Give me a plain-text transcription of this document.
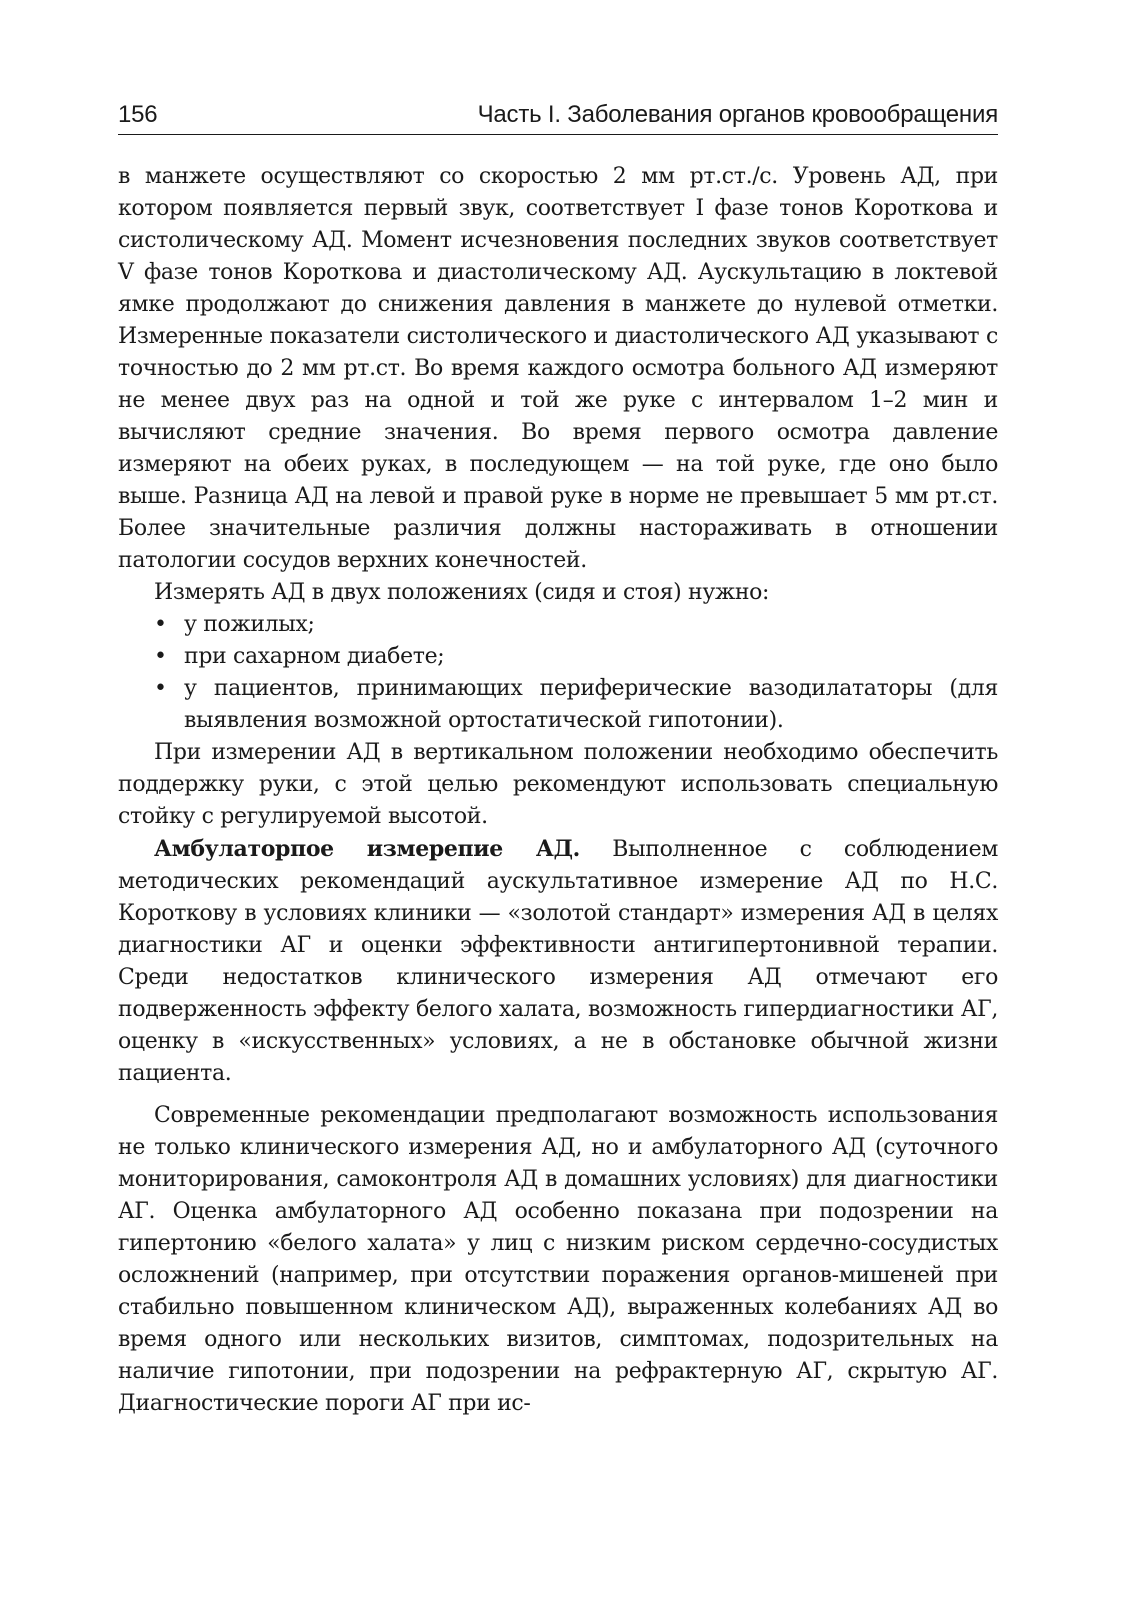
156	Часть I. Заболевания органов кровообращения

в манжете осуществляют со скоростью 2 мм рт.ст./с. Уровень АД, при котором появляется первый звук, соответствует I фазе тонов Короткова и систолическому АД. Момент исчезновения последних звуков соответствует V фазе тонов Короткова и диастолическому АД. Аускультацию в локтевой ямке продолжают до снижения давления в манжете до нулевой отметки. Измеренные показатели систолического и диастолического АД указывают с точностью до 2 мм рт.ст. Во время каждого осмотра больного АД измеряют не менее двух раз на одной и той же руке с интервалом 1–2 мин и вычисляют средние значения. Во время первого осмотра давление измеряют на обеих руках, в последующем — на той руке, где оно было выше. Разница АД на левой и правой руке в норме не превышает 5 мм рт.ст. Более значительные различия должны настораживать в отношении патологии сосудов верхних конечностей.

Измерять АД в двух положениях (сидя и стоя) нужно:

• у пожилых;
• при сахарном диабете;
• у пациентов, принимающих периферические вазодилататоры (для выявления возможной ортостатической гипотонии).

При измерении АД в вертикальном положении необходимо обеспечить поддержку руки, с этой целью рекомендуют использовать специальную стойку с регулируемой высотой.

Амбулаторпое измерепие АД. Выполненное с соблюдением методических рекомендаций аускультативное измерение АД по Н.С. Короткову в условиях клиники — «золотой стандарт» измерения АД в целях диагностики АГ и оценки эффективности антигипертонивной терапии. Среди недостатков клинического измерения АД отмечают его подверженность эффекту белого халата, возможность гипердиагностики АГ, оценку в «искусственных» условиях, а не в обстановке обычной жизни пациента.

Современные рекомендации предполагают возможность использования не только клинического измерения АД, но и амбулаторного АД (суточного мониторирования, самоконтроля АД в домашних условиях) для диагностики АГ. Оценка амбулаторного АД особенно показана при подозрении на гипертонию «белого халата» у лиц с низким риском сердечно-сосудистых осложнений (например, при отсутствии поражения органов-мишеней при стабильно повышенном клиническом АД), выраженных колебаниях АД во время одного или нескольких визитов, симптомах, подозрительных на наличие гипотонии, при подозрении на рефрактерную АГ, скрытую АГ. Диагностические пороги АГ при ис-
